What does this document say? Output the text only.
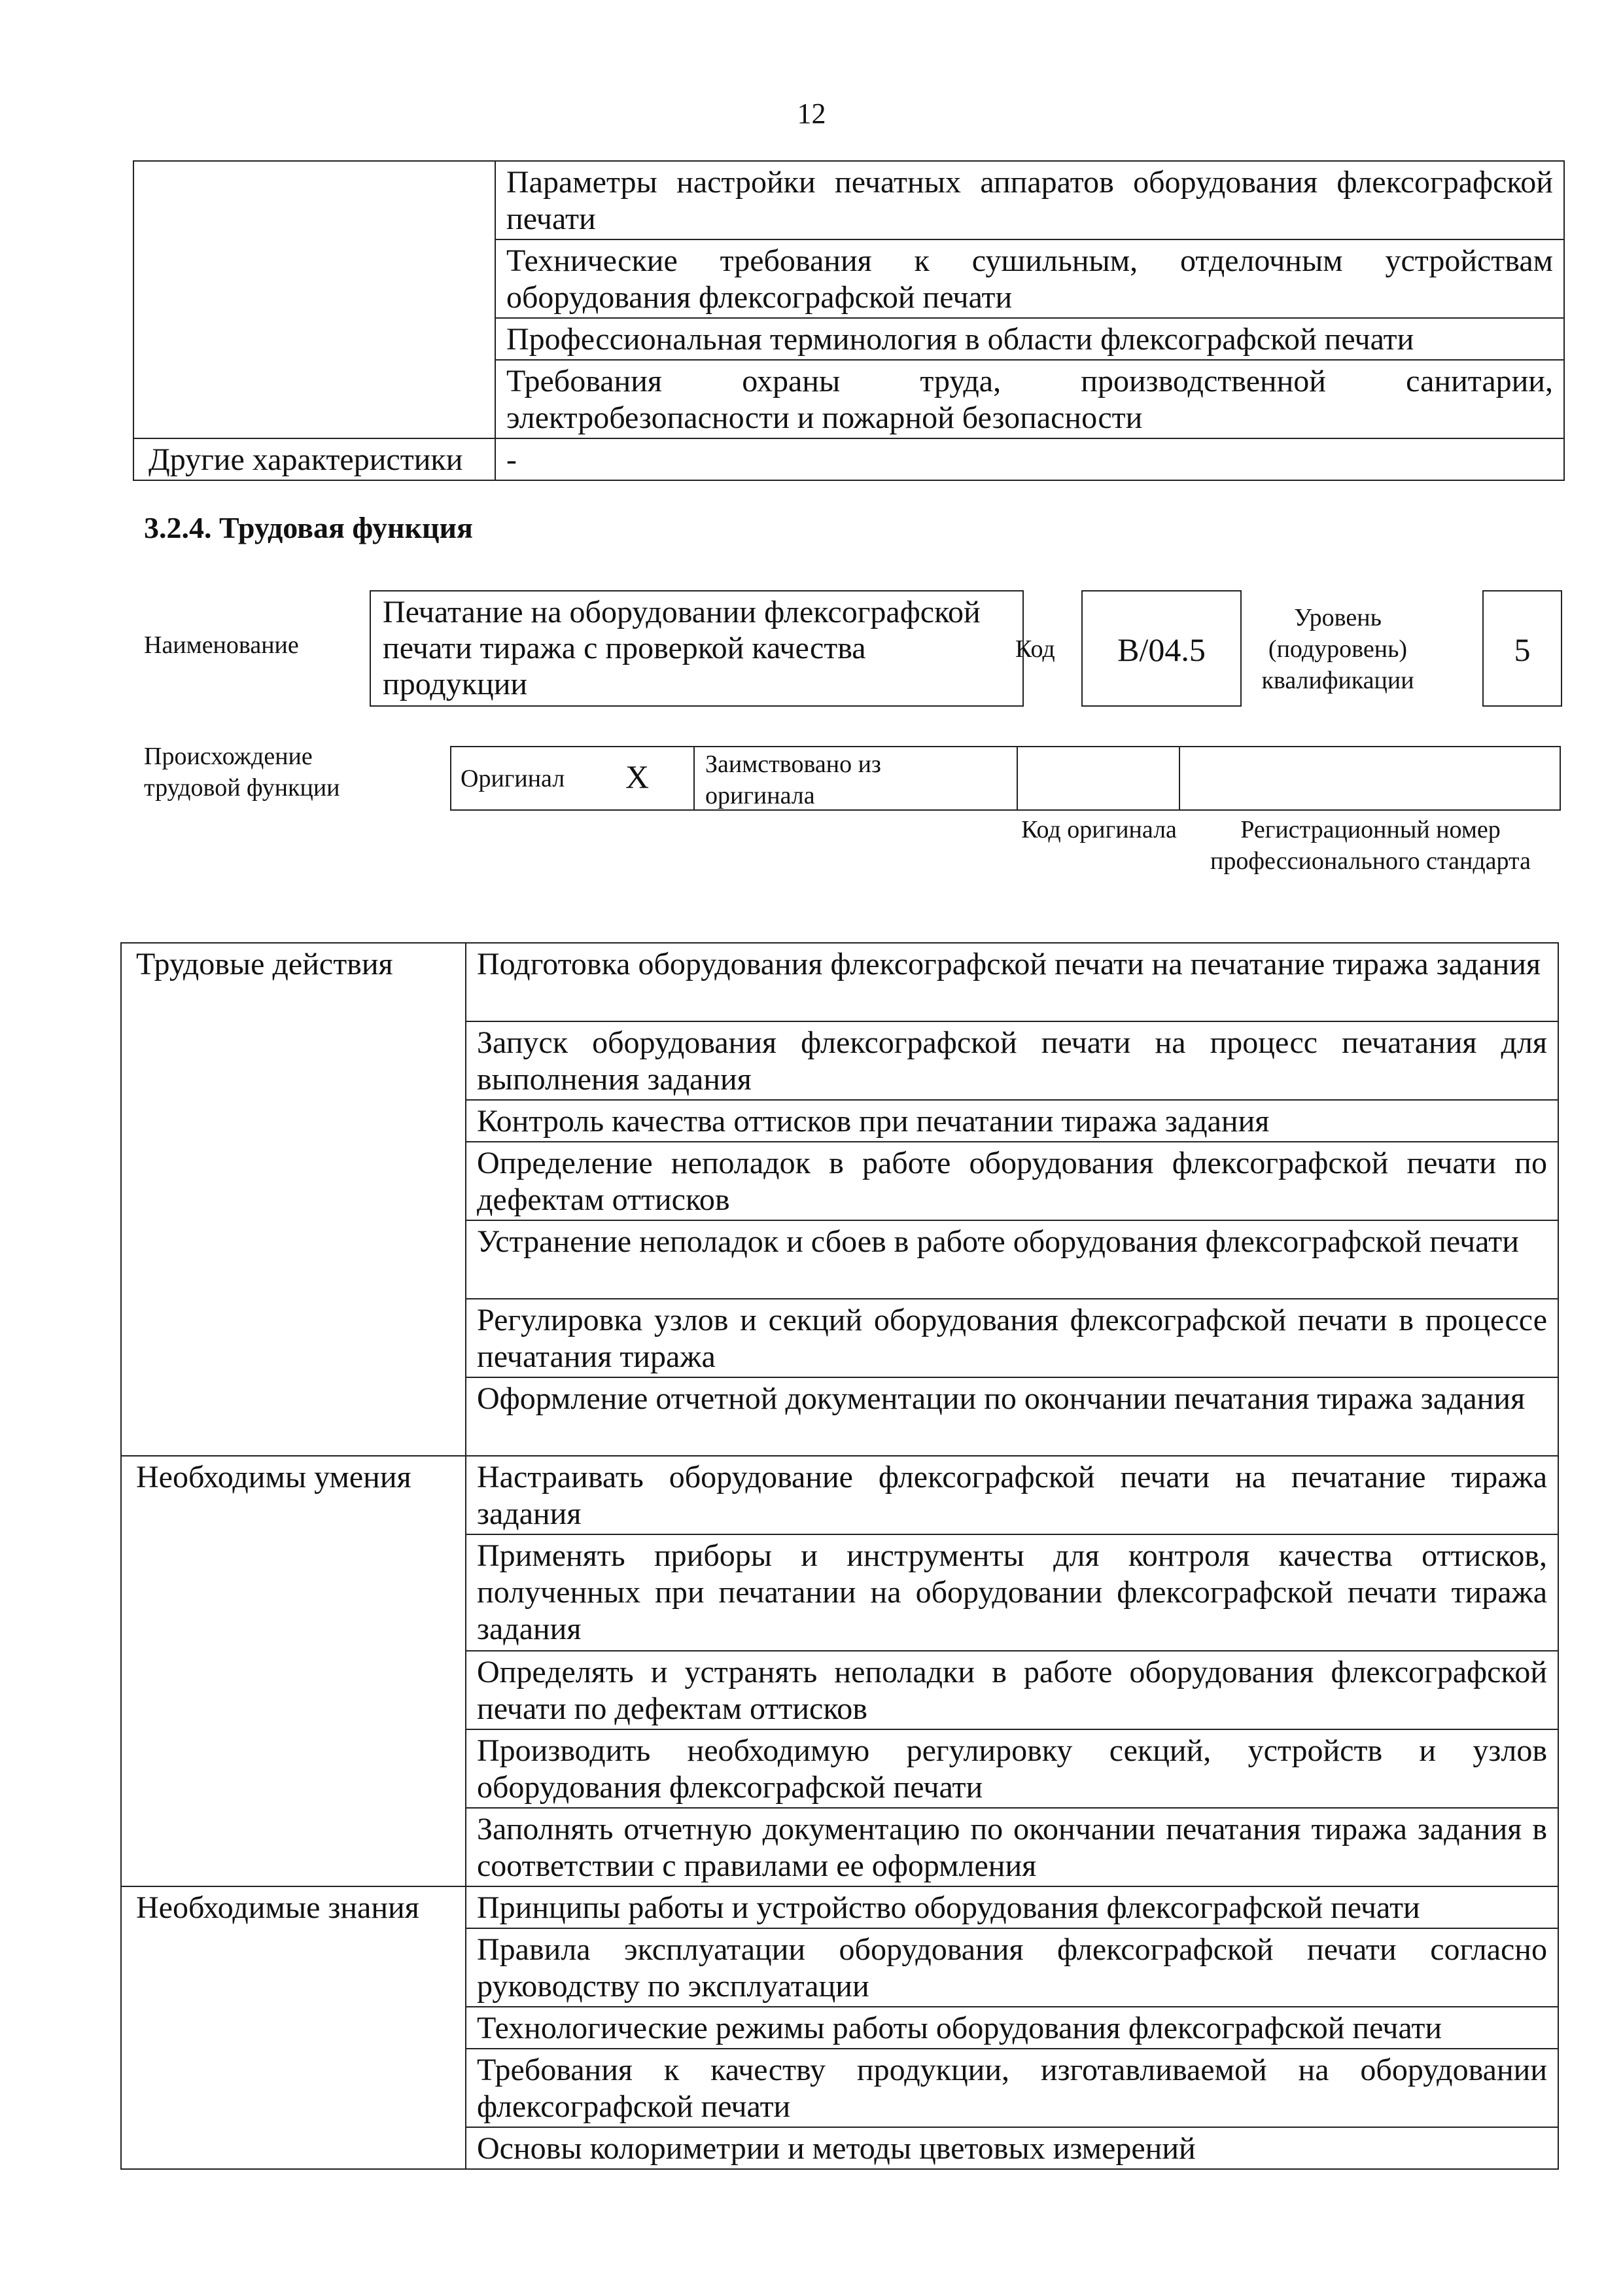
12
	Параметры настройки печатных аппаратов оборудования флексографской печати
	Технические требования к сушильным, отделочным устройствам оборудования флексографской печати
	Профессиональная терминология в области флексографской печати
	Требования охраны труда, производственной санитарии, электробезопасности и пожарной безопасности
Другие характеристики	-
3.2.4. Трудовая функция
Наименование
Печатание на оборудовании флексографской печати тиража с проверкой качества продукции
Код	B/04.5
Уровень (подуровень) квалификации
5
Происхождение трудовой функции	Оригинал X Заимствовано из оригинала
Код оригинала	Регистрационный номер профессионального стандарта
Трудовые действия	Подготовка оборудования флексографской печати на печатание тиража задания
	Запуск оборудования флексографской печати на процесс печатания для выполнения задания
	Контроль качества оттисков при печатании тиража задания
	Определение неполадок в работе оборудования флексографской печати по дефектам оттисков
	Устранение неполадок и сбоев в работе оборудования флексографской печати
	Регулировка узлов и секций оборудования флексографской печати в процессе печатания тиража
	Оформление отчетной документации по окончании печатания тиража задания
Необходимы умения	Настраивать оборудование флексографской печати на печатание тиража задания
	Применять приборы и инструменты для контроля качества оттисков, полученных при печатании на оборудовании флексографской печати тиража задания
	Определять и устранять неполадки в работе оборудования флексографской печати по дефектам оттисков
	Производить необходимую регулировку секций, устройств и узлов оборудования флексографской печати
	Заполнять отчетную документацию по окончании печатания тиража задания в соответствии с правилами ее оформления
Необходимые знания	Принципы работы и устройство оборудования флексографской печати
	Правила эксплуатации оборудования флексографской печати согласно руководству по эксплуатации
	Технологические режимы работы оборудования флексографской печати
	Требования к качеству продукции, изготавливаемой на оборудовании флексографской печати
	Основы колориметрии и методы цветовых измерений
